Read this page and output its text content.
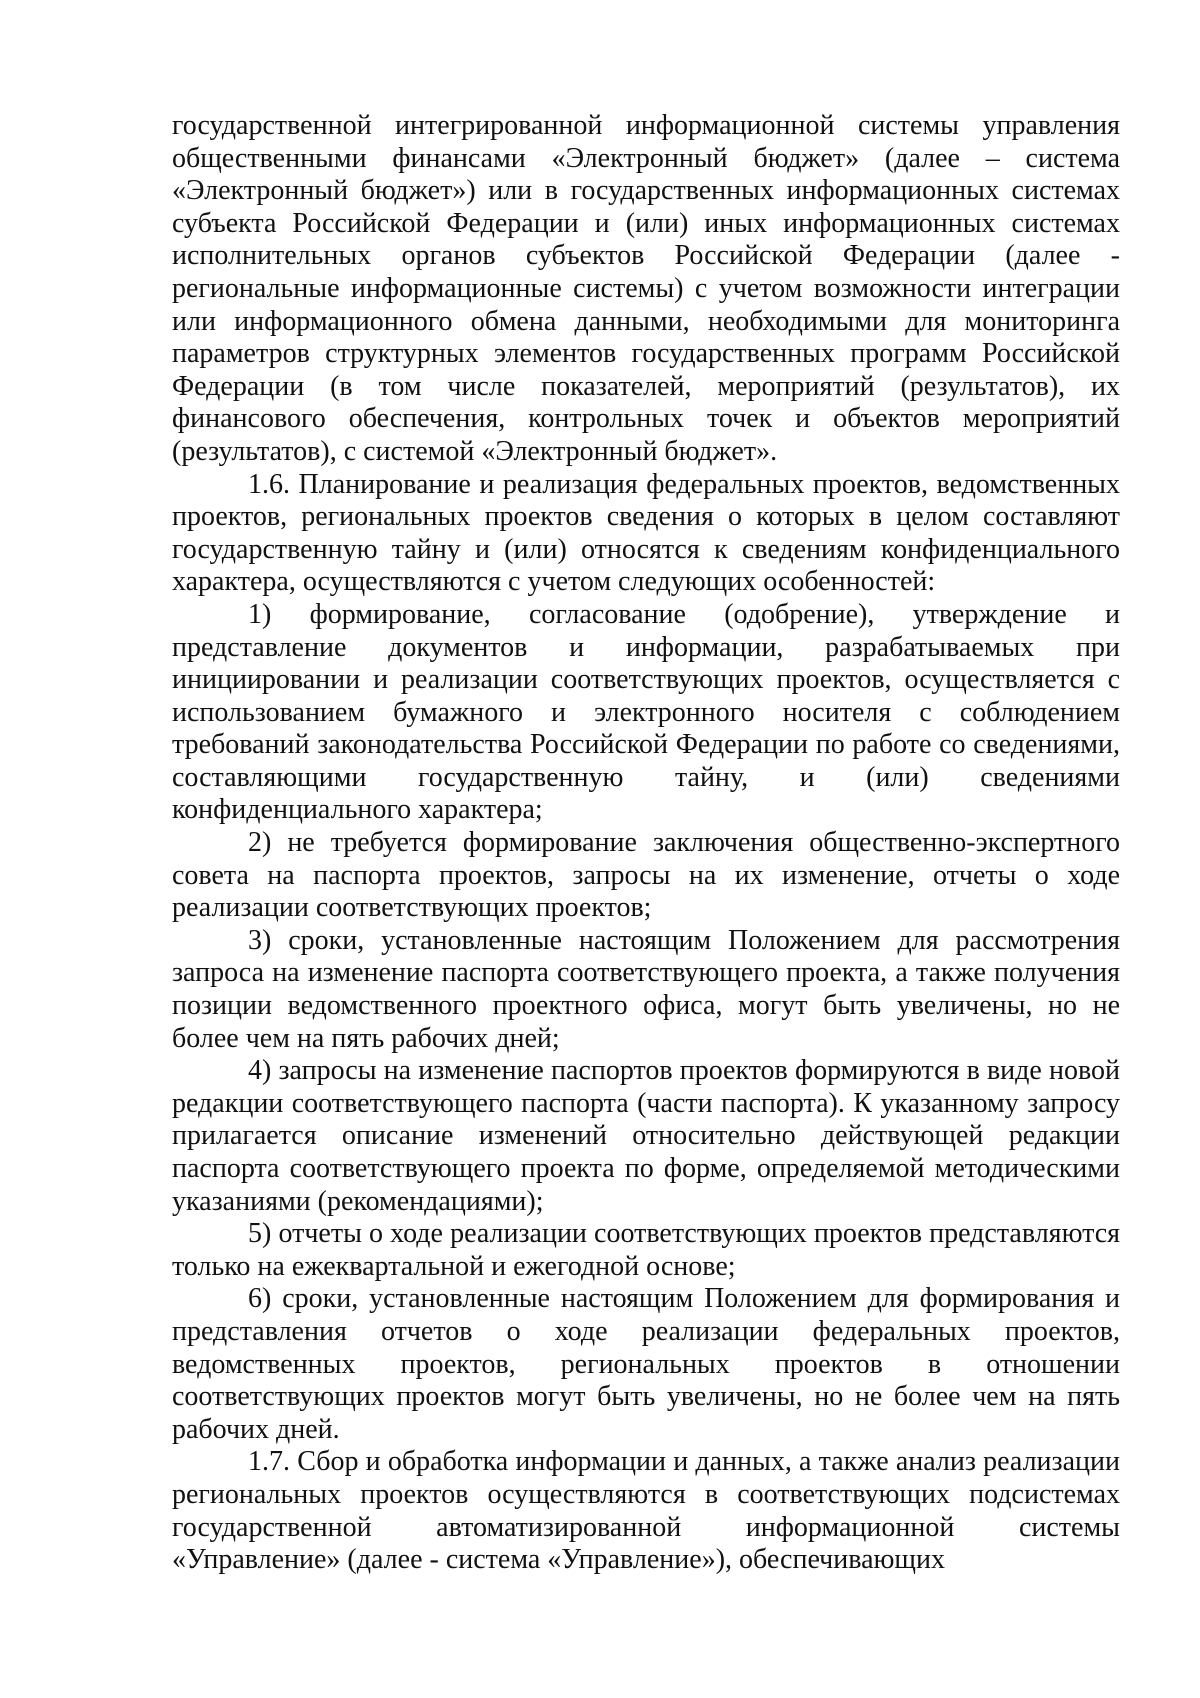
государственной интегрированной информационной системы управления общественными финансами «Электронный бюджет» (далее – система «Электронный бюджет») или в государственных информационных системах субъекта Российской Федерации и (или) иных информационных системах исполнительных органов субъектов Российской Федерации (далее - региональные информационные системы) с учетом возможности интеграции или информационного обмена данными, необходимыми для мониторинга параметров структурных элементов государственных программ Российской Федерации (в том числе показателей, мероприятий (результатов), их финансового обеспечения, контрольных точек и объектов мероприятий (результатов), с системой «Электронный бюджет».

1.6. Планирование и реализация федеральных проектов, ведомственных проектов, региональных проектов сведения о которых в целом составляют государственную тайну и (или) относятся к сведениям конфиденциального характера, осуществляются с учетом следующих особенностей:

1) формирование, согласование (одобрение), утверждение и представление документов и информации, разрабатываемых при инициировании и реализации соответствующих проектов, осуществляется с использованием бумажного и электронного носителя с соблюдением требований законодательства Российской Федерации по работе со сведениями, составляющими государственную тайну, и (или) сведениями конфиденциального характера;

2) не требуется формирование заключения общественно-экспертного совета на паспорта проектов, запросы на их изменение, отчеты о ходе реализации соответствующих проектов;

3) сроки, установленные настоящим Положением для рассмотрения запроса на изменение паспорта соответствующего проекта, а также получения позиции ведомственного проектного офиса, могут быть увеличены, но не более чем на пять рабочих дней;

4) запросы на изменение паспортов проектов формируются в виде новой редакции соответствующего паспорта (части паспорта). К указанному запросу прилагается описание изменений относительно действующей редакции паспорта соответствующего проекта по форме, определяемой методическими указаниями (рекомендациями);

5) отчеты о ходе реализации соответствующих проектов представляются только на ежеквартальной и ежегодной основе;

6) сроки, установленные настоящим Положением для формирования и представления отчетов о ходе реализации федеральных проектов, ведомственных проектов, региональных проектов в отношении соответствующих проектов могут быть увеличены, но не более чем на пять рабочих дней.

1.7. Сбор и обработка информации и данных, а также анализ реализации региональных проектов осуществляются в соответствующих подсистемах государственной автоматизированной информационной системы «Управление» (далее - система «Управление»), обеспечивающих
